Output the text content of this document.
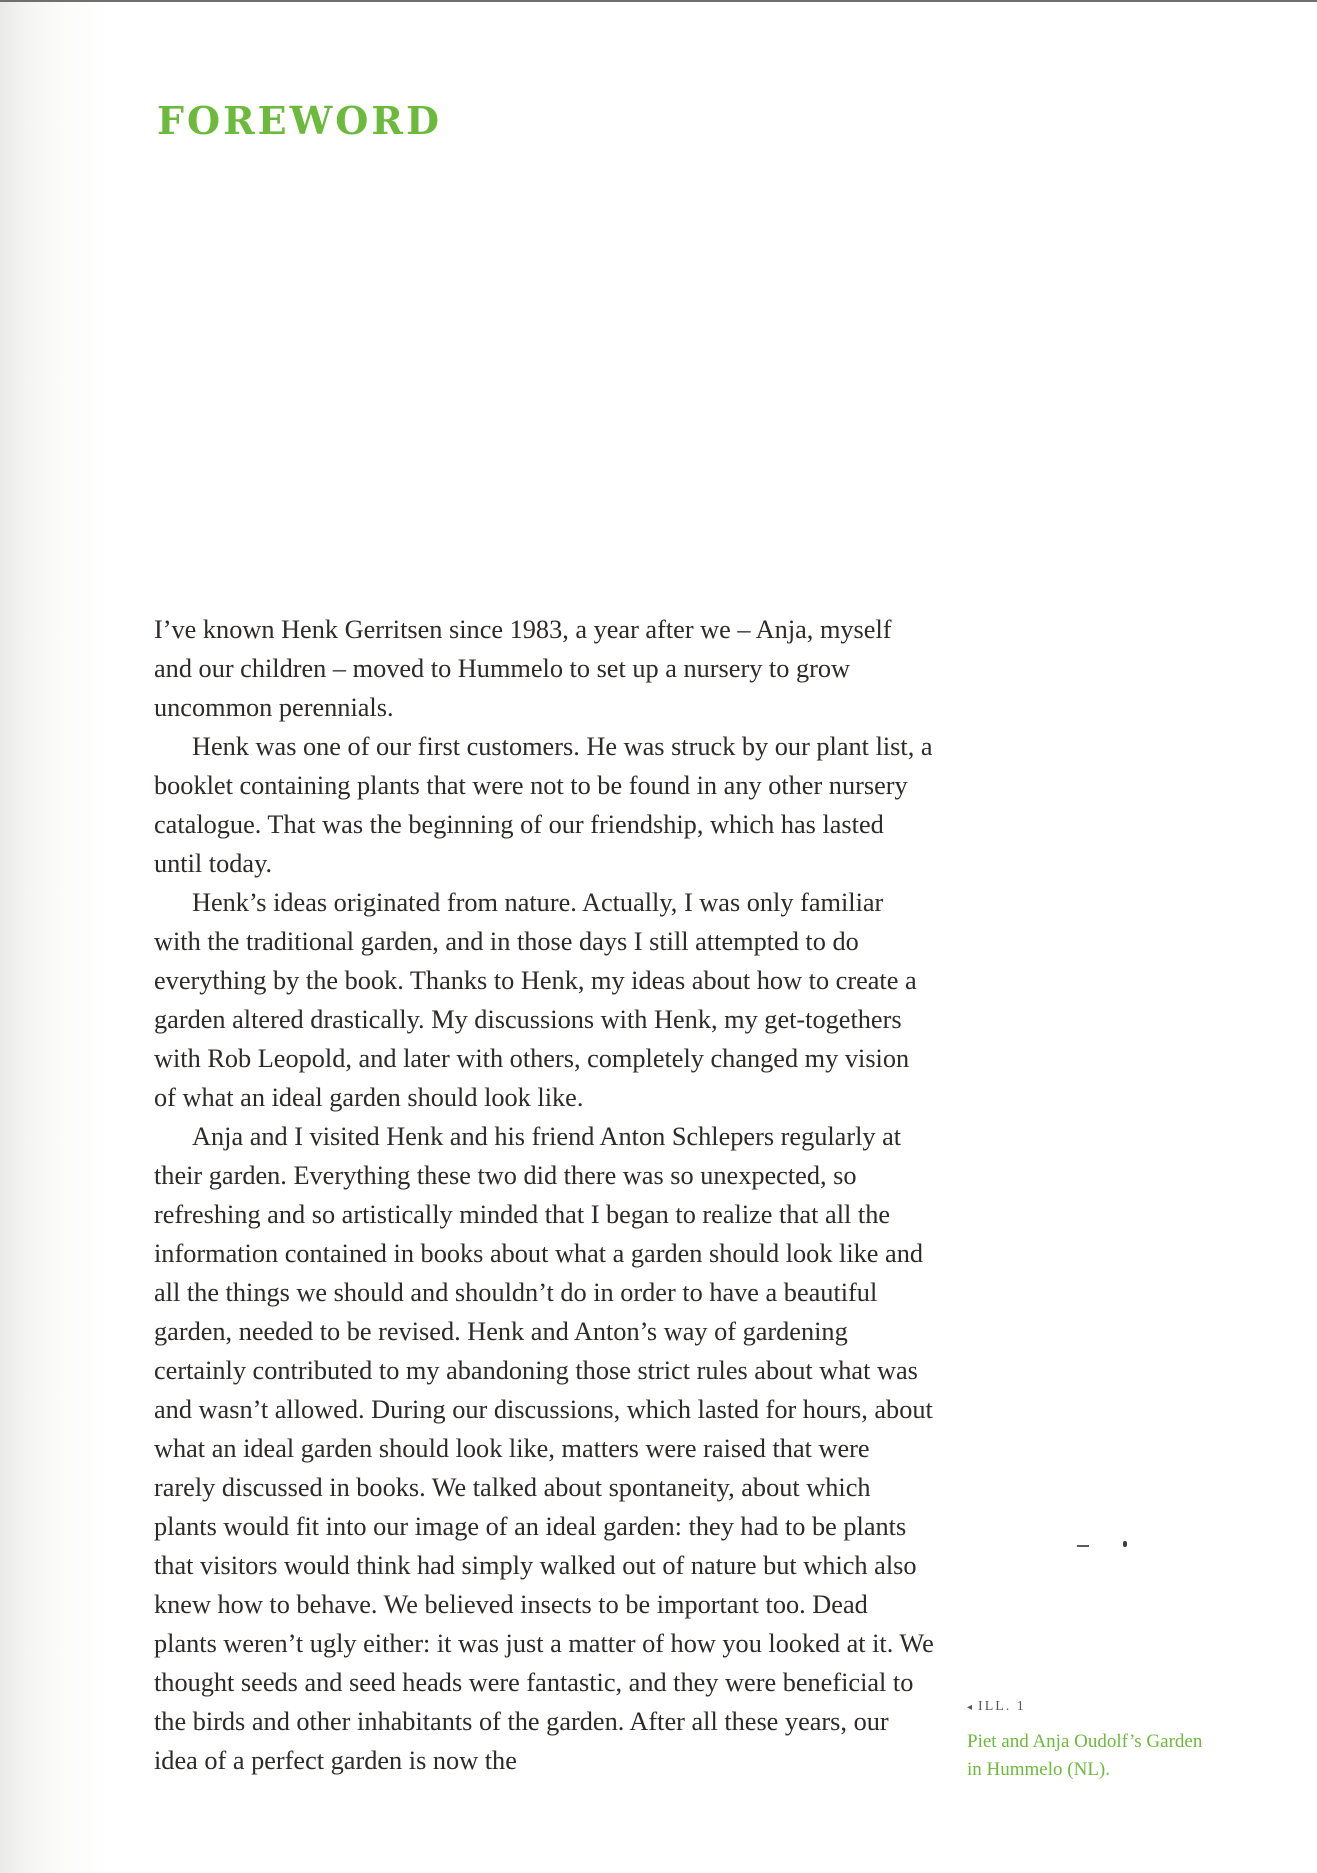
FOREWORD

I’ve known Henk Gerritsen since 1983, a year after we – Anja, myself and our children – moved to Hummelo to set up a nursery to grow uncommon perennials.

Henk was one of our first customers. He was struck by our plant list, a booklet containing plants that were not to be found in any other nursery catalogue. That was the beginning of our friendship, which has lasted until today.

Henk’s ideas originated from nature. Actually, I was only familiar with the traditional garden, and in those days I still attempted to do everything by the book. Thanks to Henk, my ideas about how to create a garden altered drastically. My discussions with Henk, my get-togethers with Rob Leopold, and later with others, completely changed my vision of what an ideal garden should look like.

Anja and I visited Henk and his friend Anton Schlepers regularly at their garden. Everything these two did there was so unexpected, so refreshing and so artistically minded that I began to realize that all the information contained in books about what a garden should look like and all the things we should and shouldn’t do in order to have a beautiful garden, needed to be revised. Henk and Anton’s way of gardening certainly contributed to my abandoning those strict rules about what was and wasn’t allowed. During our discussions, which lasted for hours, about what an ideal garden should look like, matters were raised that were rarely discussed in books. We talked about spontaneity, about which plants would fit into our image of an ideal garden: they had to be plants that visitors would think had simply walked out of nature but which also knew how to behave. We believed insects to be important too. Dead plants weren’t ugly either: it was just a matter of how you looked at it. We thought seeds and seed heads were fantastic, and they were beneficial to the birds and other inhabitants of the garden. After all these years, our idea of a perfect garden is now the

◂ ILL. 1
Piet and Anja Oudolf’s Garden
in Hummelo (NL).
